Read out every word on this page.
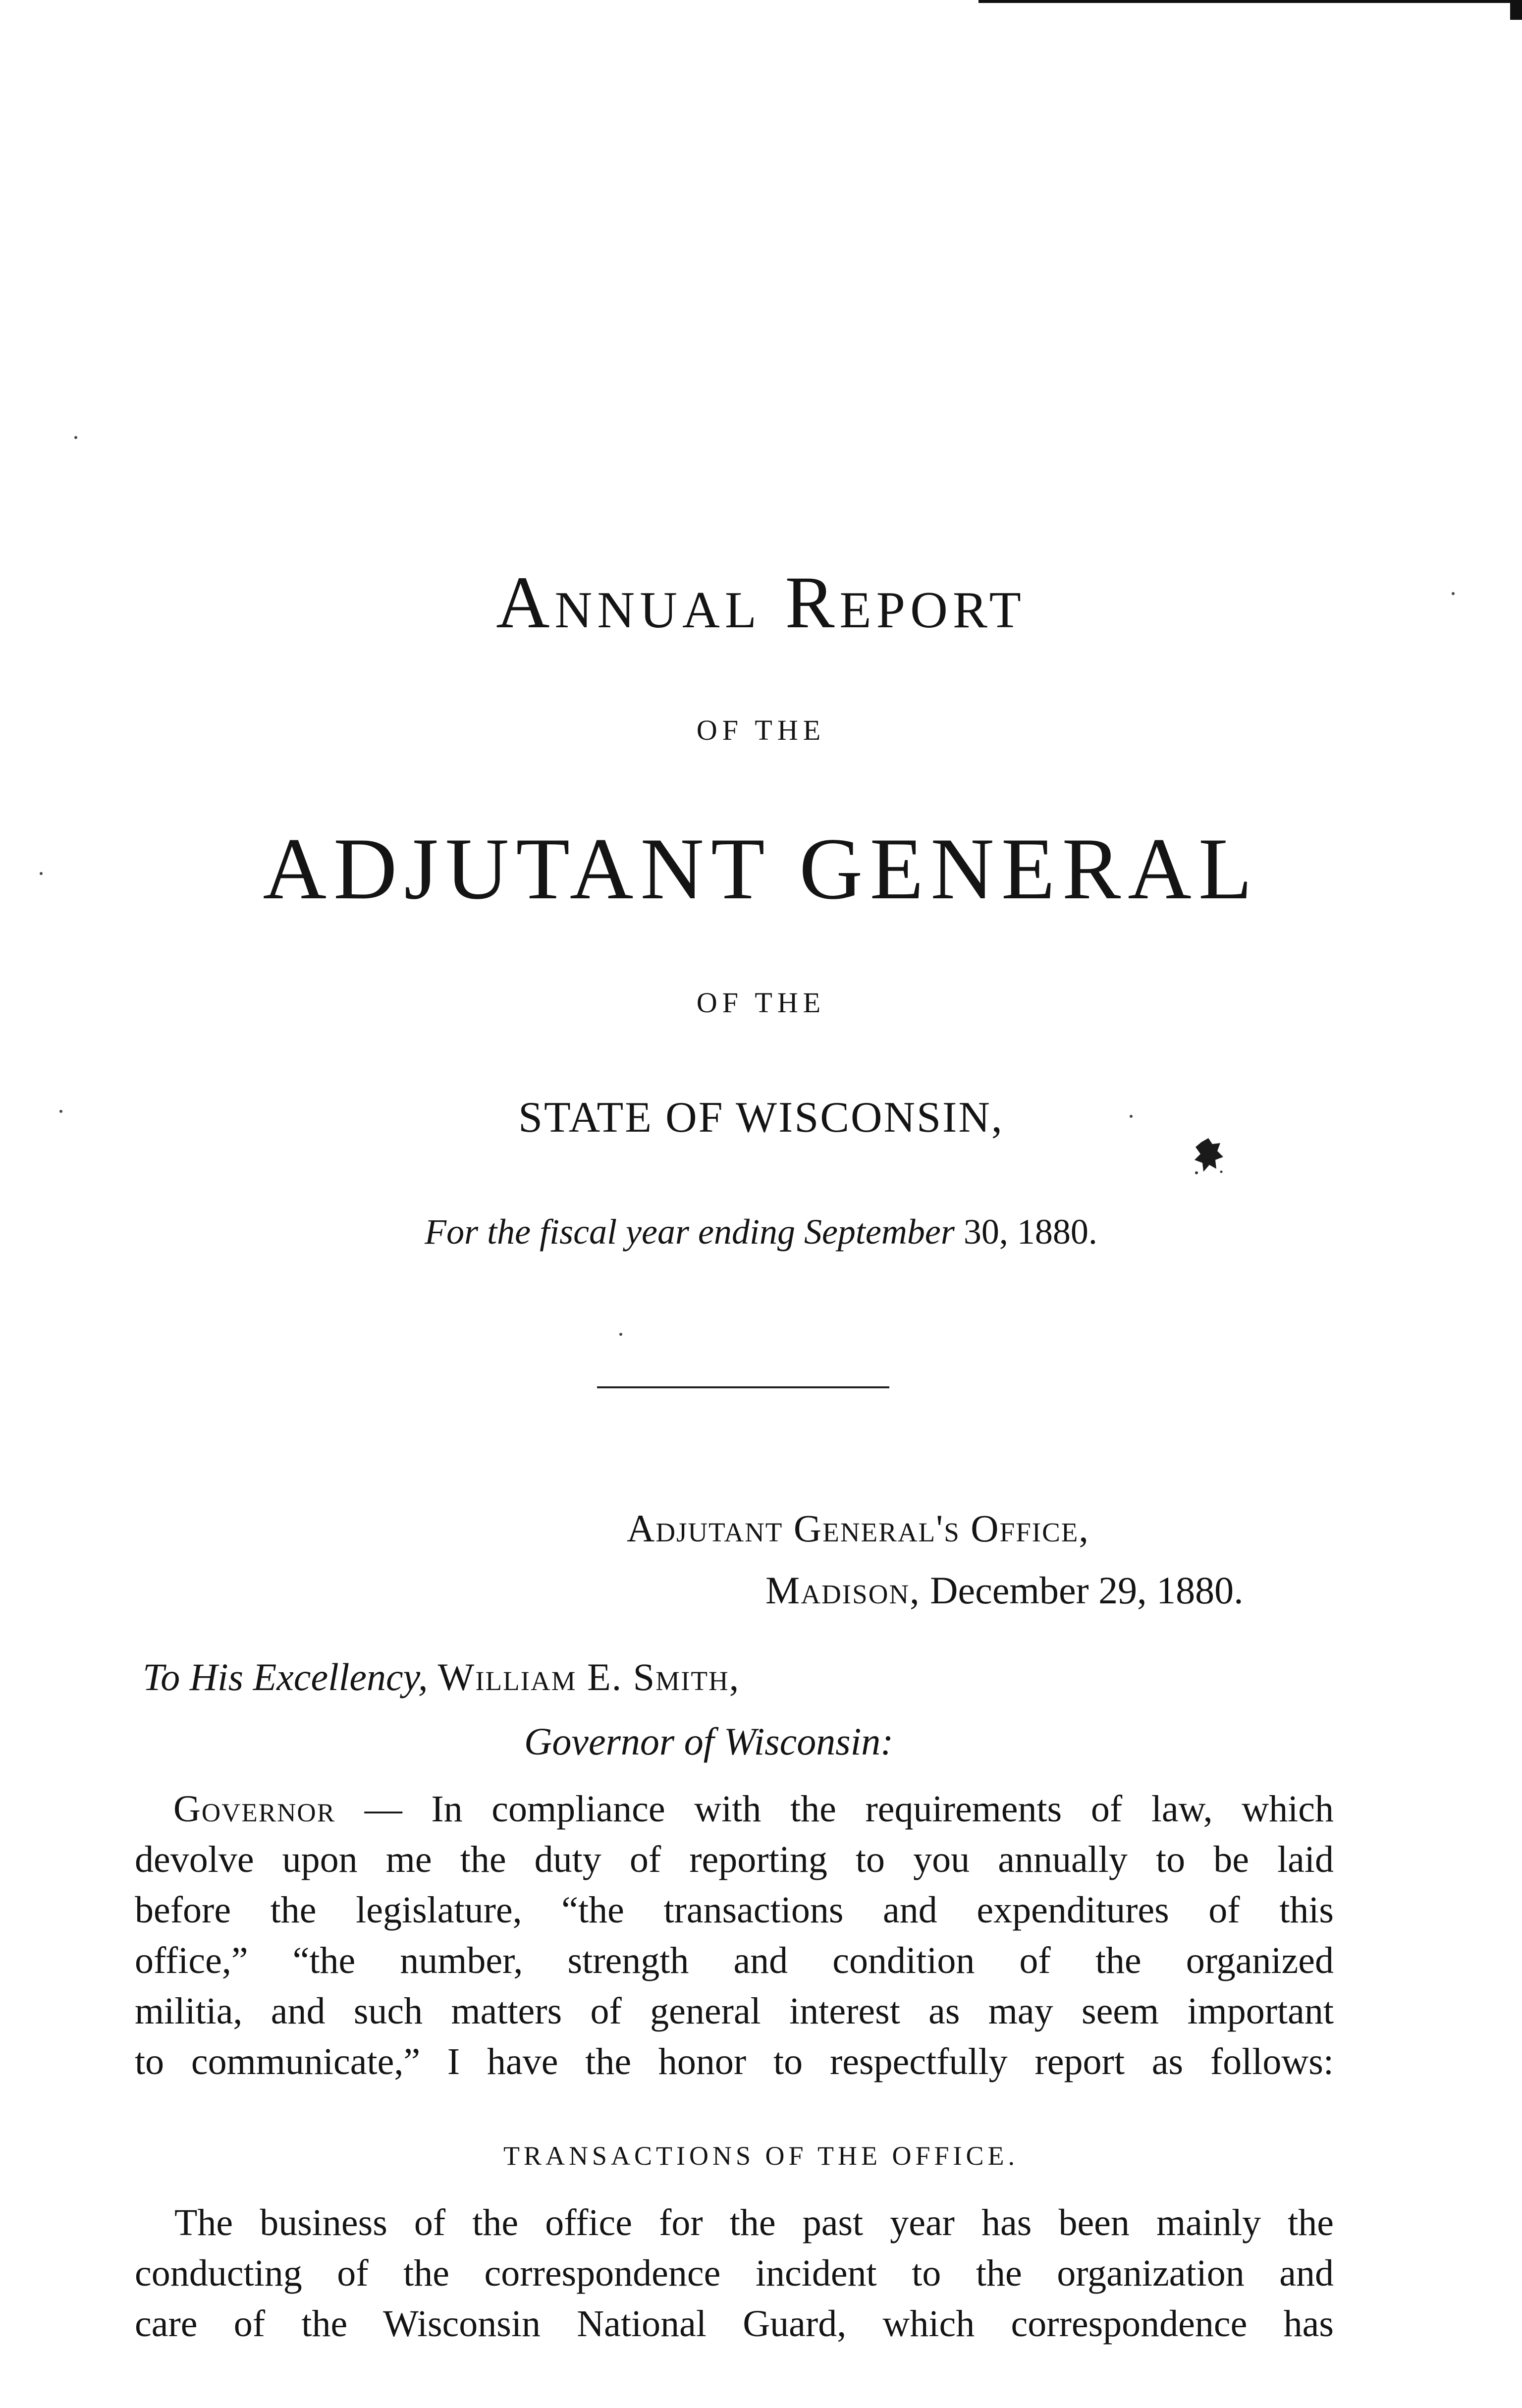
Annual Report
OF THE
ADJUTANT GENERAL
OF THE
STATE OF WISCONSIN,
For the fiscal year ending September 30, 1880.
Adjutant General's Office,
Madison, December 29, 1880.
To His Excellency, William E. Smith,
Governor of Wisconsin:
Governor — In compliance with the requirements of law, which
devolve upon me the duty of reporting to you annually to be laid
before the legislature, “the transactions and expenditures of this
office,” “the number, strength and condition of the organized
militia, and such matters of general interest as may seem important
to communicate,” I have the honor to respectfully report as follows:
TRANSACTIONS OF THE OFFICE.
The business of the office for the past year has been mainly the
conducting of the correspondence incident to the organization and
care of the Wisconsin National Guard, which correspondence has
